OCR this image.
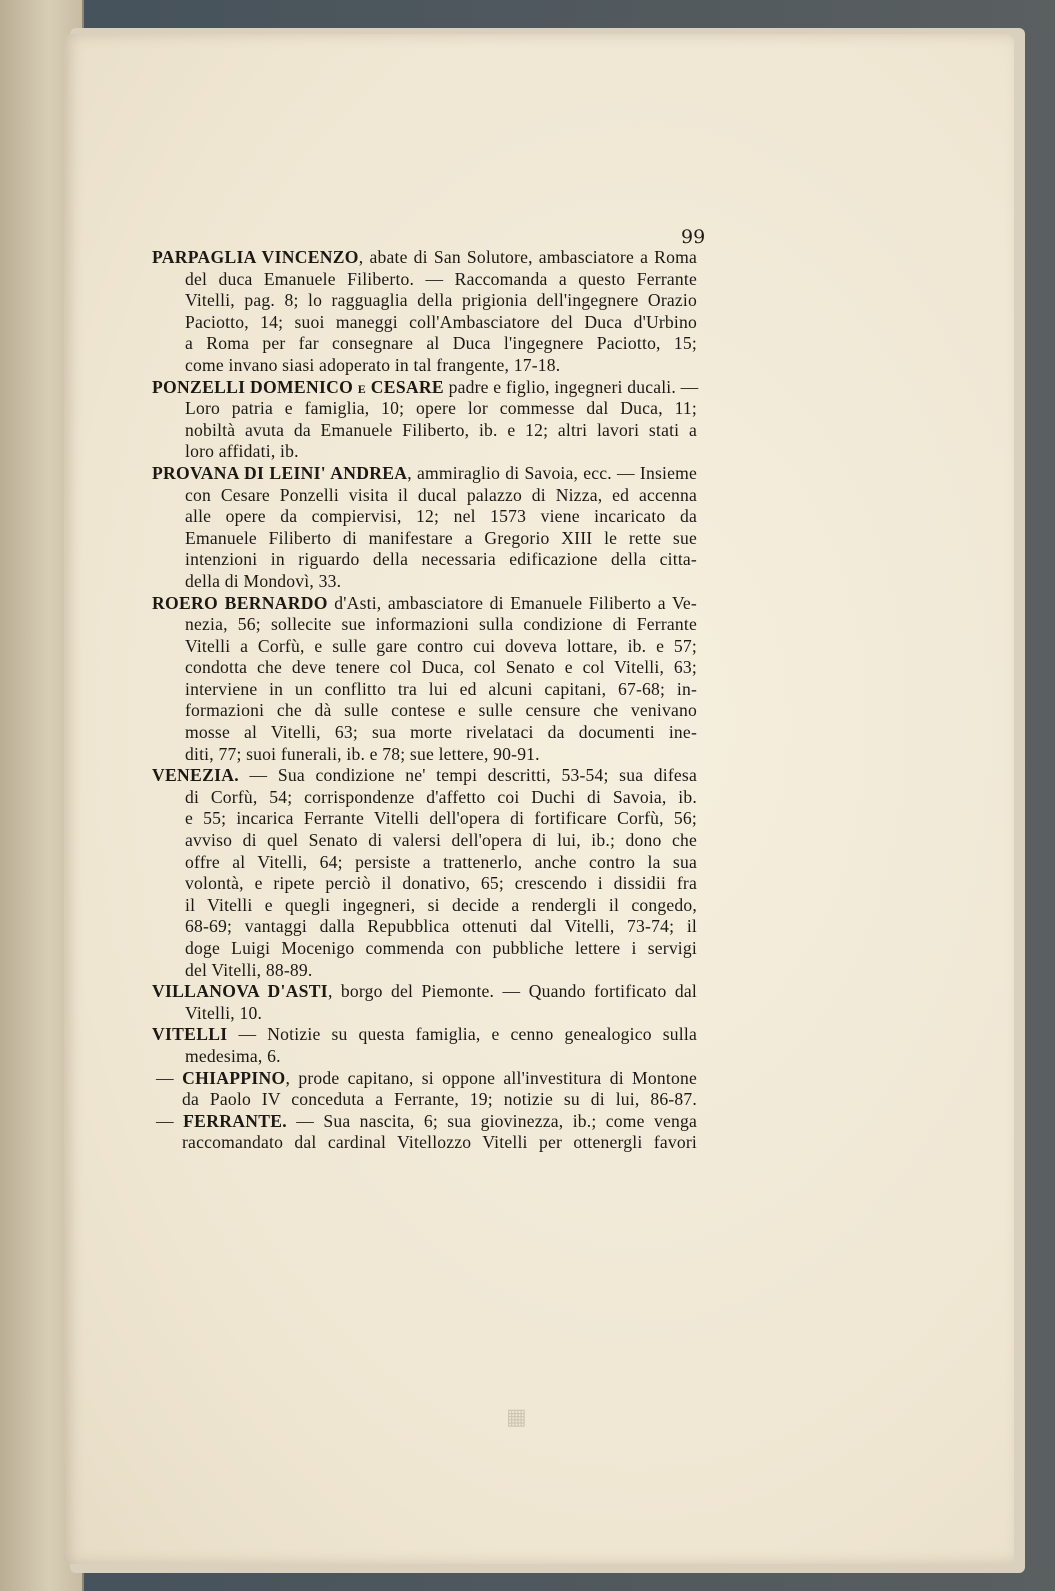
99

PARPAGLIA VINCENZO, abate di San Solutore, ambasciatore a Roma
del duca Emanuele Filiberto. — Raccomanda a questo Ferrante
Vitelli, pag. 8; lo ragguaglia della prigionia dell'ingegnere Orazio
Paciotto, 14; suoi maneggi coll'Ambasciatore del Duca d'Urbino
a Roma per far consegnare al Duca l'ingegnere Paciotto, 15;
come invano siasi adoperato in tal frangente, 17-18.
PONZELLI DOMENICO e CESARE padre e figlio, ingegneri ducali. —
Loro patria e famiglia, 10; opere lor commesse dal Duca, 11;
nobiltà avuta da Emanuele Filiberto, ib. e 12; altri lavori stati a
loro affidati, ib.
PROVANA DI LEINI' ANDREA, ammiraglio di Savoia, ecc. — Insieme
con Cesare Ponzelli visita il ducal palazzo di Nizza, ed accenna
alle opere da compiervisi, 12; nel 1573 viene incaricato da
Emanuele Filiberto di manifestare a Gregorio XIII le rette sue
intenzioni in riguardo della necessaria edificazione della citta-
della di Mondovì, 33.
ROERO BERNARDO d'Asti, ambasciatore di Emanuele Filiberto a Ve-
nezia, 56; sollecite sue informazioni sulla condizione di Ferrante
Vitelli a Corfù, e sulle gare contro cui doveva lottare, ib. e 57;
condotta che deve tenere col Duca, col Senato e col Vitelli, 63;
interviene in un conflitto tra lui ed alcuni capitani, 67-68; in-
formazioni che dà sulle contese e sulle censure che venivano
mosse al Vitelli, 63; sua morte rivelataci da documenti ine-
diti, 77; suoi funerali, ib. e 78; sue lettere, 90-91.
VENEZIA. — Sua condizione ne' tempi descritti, 53-54; sua difesa
di Corfù, 54; corrispondenze d'affetto coi Duchi di Savoia, ib.
e 55; incarica Ferrante Vitelli dell'opera di fortificare Corfù, 56;
avviso di quel Senato di valersi dell'opera di lui, ib.; dono che
offre al Vitelli, 64; persiste a trattenerlo, anche contro la sua
volontà, e ripete perciò il donativo, 65; crescendo i dissidii fra
il Vitelli e quegli ingegneri, si decide a rendergli il congedo,
68-69; vantaggi dalla Repubblica ottenuti dal Vitelli, 73-74; il
doge Luigi Mocenigo commenda con pubbliche lettere i servigi
del Vitelli, 88-89.
VILLANOVA D'ASTI, borgo del Piemonte. — Quando fortificato dal
Vitelli, 10.
VITELLI — Notizie su questa famiglia, e cenno genealogico sulla
medesima, 6.
— CHIAPPINO, prode capitano, si oppone all'investitura di Montone
da Paolo IV conceduta a Ferrante, 19; notizie su di lui, 86-87.
— FERRANTE. — Sua nascita, 6; sua giovinezza, ib.; come venga
raccomandato dal cardinal Vitellozzo Vitelli per ottenergli favori
▦
